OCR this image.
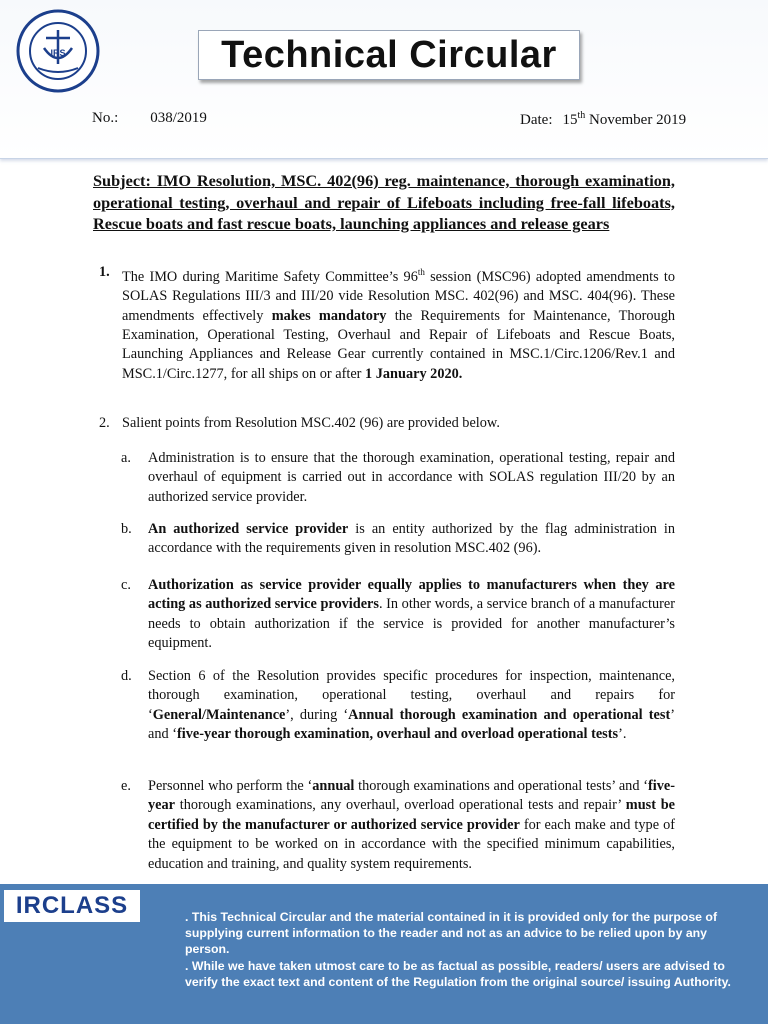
IRS	Technical Circular
No.: 038/2019	Date: 15th November 2019
Subject: IMO Resolution, MSC. 402(96) reg. maintenance, thorough examination, operational testing, overhaul and repair of Lifeboats including free-fall lifeboats, Rescue boats and fast rescue boats, launching appliances and release gears
1. The IMO during Maritime Safety Committee’s 96th session (MSC96) adopted amendments to SOLAS Regulations III/3 and III/20 vide Resolution MSC. 402(96) and MSC. 404(96). These amendments effectively makes mandatory the Requirements for Maintenance, Thorough Examination, Operational Testing, Overhaul and Repair of Lifeboats and Rescue Boats, Launching Appliances and Release Gear currently contained in MSC.1/Circ.1206/Rev.1 and MSC.1/Circ.1277, for all ships on or after 1 January 2020.
2. Salient points from Resolution MSC.402 (96) are provided below.
a. Administration is to ensure that the thorough examination, operational testing, repair and overhaul of equipment is carried out in accordance with SOLAS regulation III/20 by an authorized service provider.
b. An authorized service provider is an entity authorized by the flag administration in accordance with the requirements given in resolution MSC.402 (96).
c. Authorization as service provider equally applies to manufacturers when they are acting as authorized service providers. In other words, a service branch of a manufacturer needs to obtain authorization if the service is provided for another manufacturer’s equipment.
d. Section 6 of the Resolution provides specific procedures for inspection, maintenance, thorough examination, operational testing, overhaul and repairs for ‘General/Maintenance’, during ‘Annual thorough examination and operational test’ and ‘five-year thorough examination, overhaul and overload operational tests’.
e. Personnel who perform the ‘annual thorough examinations and operational tests’ and ‘five-year thorough examinations, any overhaul, overload operational tests and repair’ must be certified by the manufacturer or authorized service provider for each make and type of the equipment to be worked on in accordance with the specified minimum capabilities, education and training, and quality system requirements.
IRCLASS	. This Technical Circular and the material contained in it is provided only for the purpose of supplying current information to the reader and not as an advice to be relied upon by any person.
. While we have taken utmost care to be as factual as possible, readers/ users are advised to verify the exact text and content of the Regulation from the original source/ issuing Authority.
